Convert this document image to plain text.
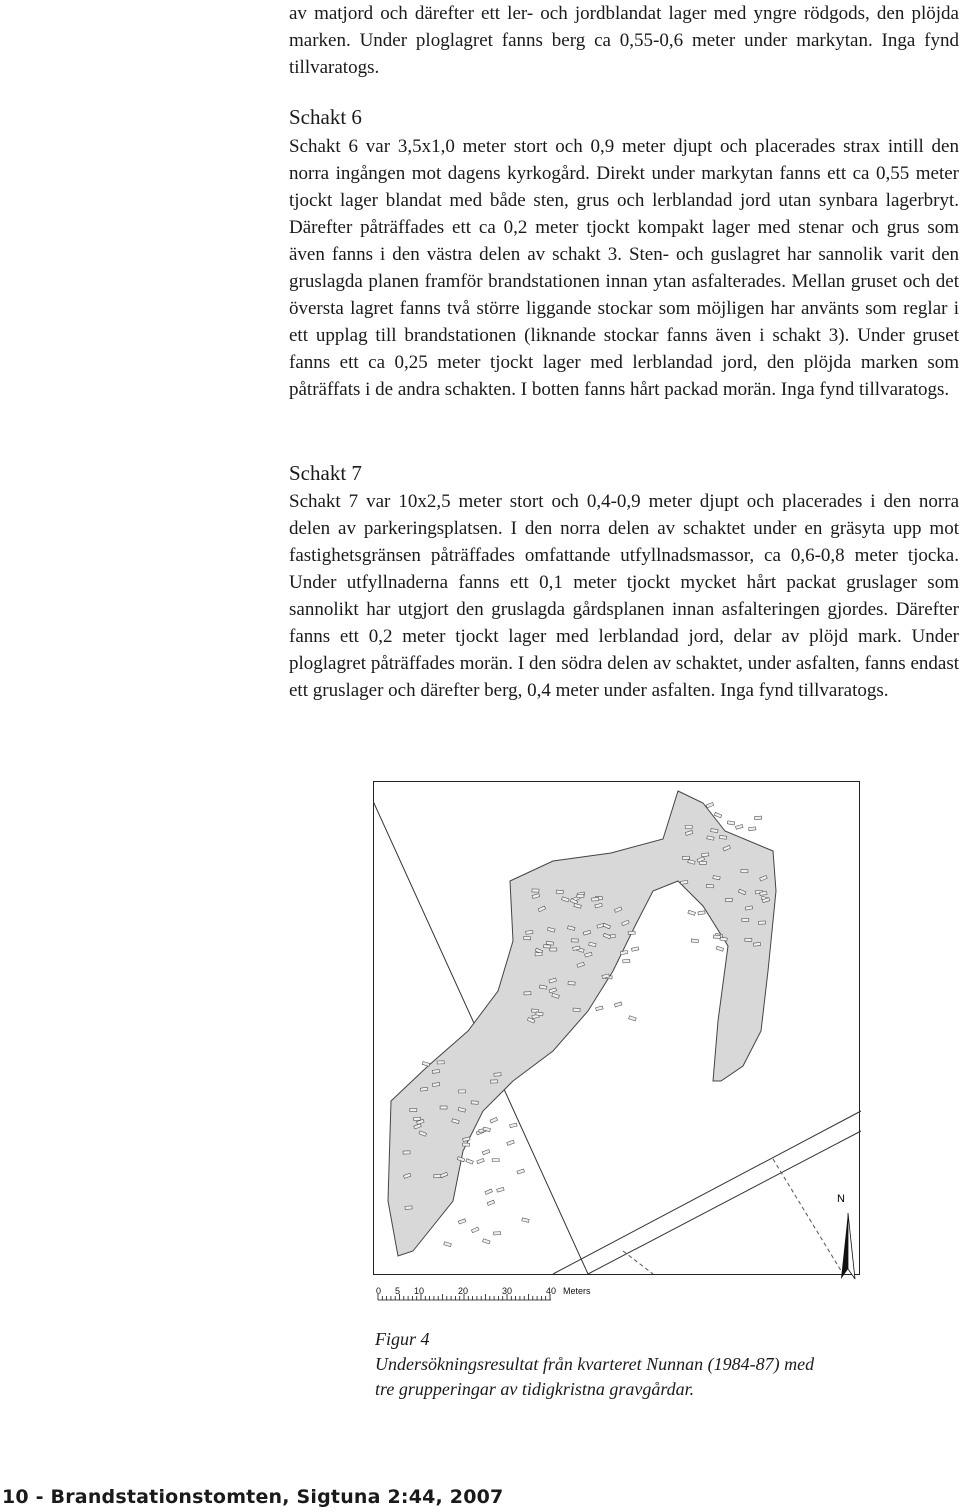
av matjord och därefter ett ler- och jordblandat lager med yngre rödgods, den plöjda marken. Under ploglagret fanns berg ca 0,55-0,6 meter under markytan. Inga fynd tillvaratogs.

Schakt 6

Schakt 6 var 3,5x1,0 meter stort och 0,9 meter djupt och placerades strax intill den norra ingången mot dagens kyrkogård. Direkt under markytan fanns ett ca 0,55 meter tjockt lager blandat med både sten, grus och lerblandad jord utan synbara lagerbryt. Därefter påträffades ett ca 0,2 meter tjockt kompakt lager med stenar och grus som även fanns i den västra delen av schakt 3. Sten- och guslagret har sannolik varit den gruslagda planen framför brandstationen innan ytan asfalterades. Mellan gruset och det översta lagret fanns två större liggande stockar som möjligen har använts som reglar i ett upplag till brandstationen (liknande stockar fanns även i schakt 3). Under gruset fanns ett ca 0,25 meter tjockt lager med lerblandad jord, den plöjda marken som påträffats i de andra schakten. I botten fanns hårt packad morän. Inga fynd tillvaratogs.

Schakt 7

Schakt 7 var 10x2,5 meter stort och 0,4-0,9 meter djupt och placerades i den norra delen av parkeringsplatsen. I den norra delen av schaktet under en gräsyta upp mot fastighetsgränsen påträffades omfattande utfyllnadsmassor, ca 0,6-0,8 meter tjocka. Under utfyllnaderna fanns ett 0,1 meter tjockt mycket hårt packat gruslager som sannolikt har utgjort den gruslagda gårdsplanen innan asfalteringen gjordes. Därefter fanns ett 0,2 meter tjockt lager med lerblandad jord, delar av plöjd mark. Under ploglagret påträffades morän. I den södra delen av schaktet, under asfalten, fanns endast ett gruslager och därefter berg, 0,4 meter under asfalten. Inga fynd tillvaratogs.

N
0 5 10	20	30	40 Meters

Figur 4

Undersökningsresultat från kvarteret Nunnan (1984-87) med

tre grupperingar av tidigkristna gravgårdar.

10 - Brandstationstomten, Sigtuna 2:44, 2007
